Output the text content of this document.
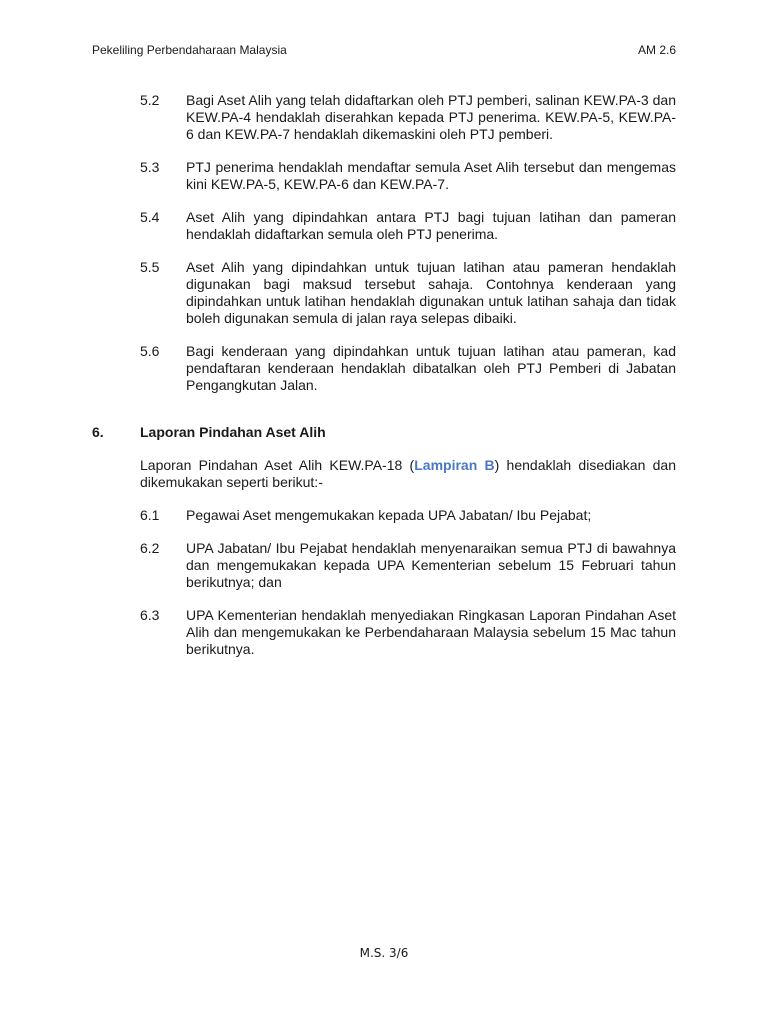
Pekeliling Perbendaharaan Malaysia	AM 2.6
5.2	Bagi Aset Alih yang telah didaftarkan oleh PTJ pemberi, salinan KEW.PA-3 dan KEW.PA-4 hendaklah diserahkan kepada PTJ penerima. KEW.PA-5, KEW.PA-6 dan KEW.PA-7 hendaklah dikemaskini oleh PTJ pemberi.
5.3	PTJ penerima hendaklah mendaftar semula Aset Alih tersebut dan mengemas kini KEW.PA-5, KEW.PA-6 dan KEW.PA-7.
5.4	Aset Alih yang dipindahkan antara PTJ bagi tujuan latihan dan pameran hendaklah didaftarkan semula oleh PTJ penerima.
5.5	Aset Alih yang dipindahkan untuk tujuan latihan atau pameran hendaklah digunakan bagi maksud tersebut sahaja. Contohnya kenderaan yang dipindahkan untuk latihan hendaklah digunakan untuk latihan sahaja dan tidak boleh digunakan semula di jalan raya selepas dibaiki.
5.6	Bagi kenderaan yang dipindahkan untuk tujuan latihan atau pameran, kad pendaftaran kenderaan hendaklah dibatalkan oleh PTJ Pemberi di Jabatan Pengangkutan Jalan.
6.	Laporan Pindahan Aset Alih
Laporan Pindahan Aset Alih KEW.PA-18 (Lampiran B) hendaklah disediakan dan dikemukakan seperti berikut:-
6.1	Pegawai Aset mengemukakan kepada UPA Jabatan/ Ibu Pejabat;
6.2	UPA Jabatan/ Ibu Pejabat hendaklah menyenaraikan semua PTJ di bawahnya dan mengemukakan kepada UPA Kementerian sebelum 15 Februari tahun berikutnya; dan
6.3	UPA Kementerian hendaklah menyediakan Ringkasan Laporan Pindahan Aset Alih dan mengemukakan ke Perbendaharaan Malaysia sebelum 15 Mac tahun berikutnya.
M.S. 3/6
